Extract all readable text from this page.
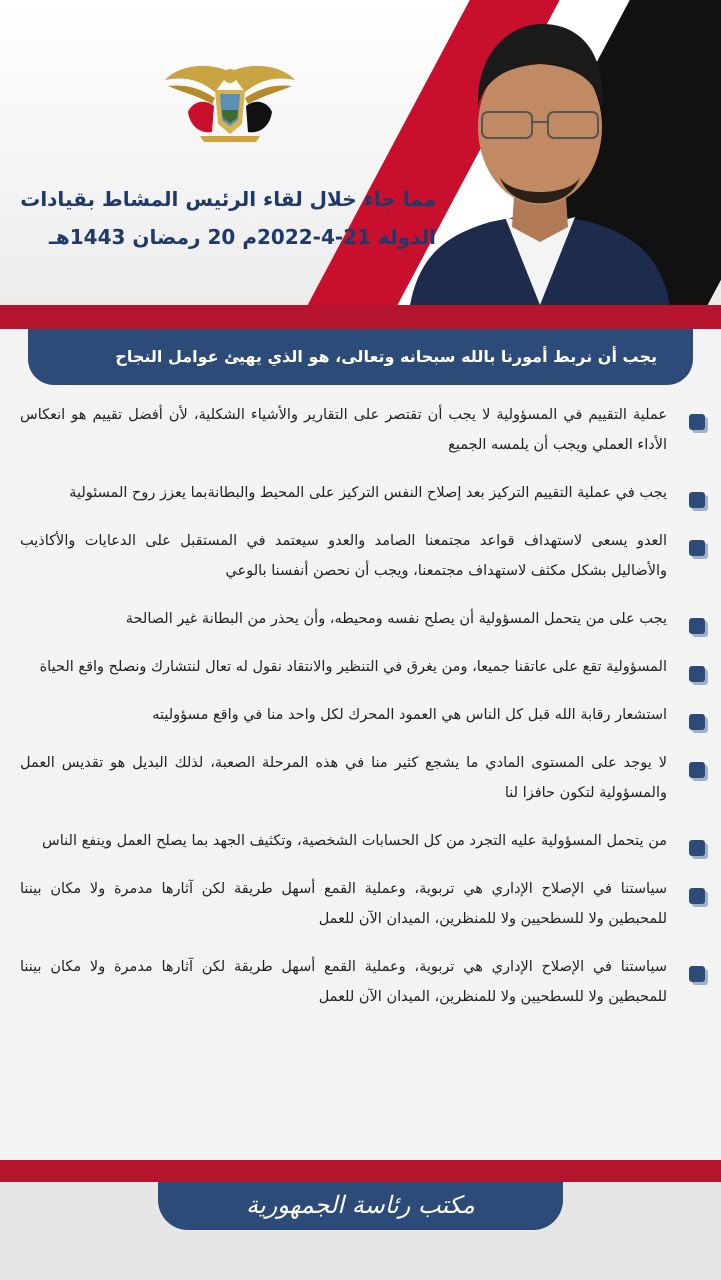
مما جاء خلال لقاء الرئيس المشاط بقيادات
الدولة 21-4-2022م 20 رمضان 1443هـ
يجب أن نربط أمورنا بالله سبحانه وتعالى، هو الذي يهيئ عوامل النجاح

عملية التقييم في المسؤولية لا يجب أن تقتصر على التقارير والأشياء الشكلية، لأن أفضل تقييم هو انعكاس الأداء العملي ويجب أن يلمسه الجميع

يجب في عملية التقييم التركيز بعد إصلاح النفس التركيز على المحيط والبطانةبما يعزز روح المسئولية

العدو يسعى لاستهداف قواعد مجتمعنا الصامد والعدو سيعتمد في المستقبل على الدعايات والأكاذيب والأضاليل بشكل مكثف لاستهداف مجتمعنا، ويجب أن نحصن أنفسنا بالوعي

يجب على من يتحمل المسؤولية أن يصلح نفسه ومحيطه، وأن يحذر من البطانة غير الصالحة

المسؤولية تقع على عاتقنا جميعا، ومن يغرق في التنظير والانتقاد نقول له تعال لنتشارك ونصلح واقع الحياة

استشعار رقابة الله قبل كل الناس هي العمود المحرك لكل واحد منا في واقع مسؤوليته

لا يوجد على المستوى المادي ما يشجع كثير منا في هذه المرحلة الصعبة، لذلك البديل هو تقديس العمل والمسؤولية لتكون حافزا لنا

من يتحمل المسؤولية عليه التجرد من كل الحسابات الشخصية، وتكثيف الجهد بما يصلح العمل وينفع الناس

سياستنا في الإصلاح الإداري هي تربوية، وعملية القمع أسهل طريقة لكن آثارها مدمرة ولا مكان بيننا للمحبطين ولا للسطحيين ولا للمنظرين، الميدان الآن للعمل

سياستنا في الإصلاح الإداري هي تربوية، وعملية القمع أسهل طريقة لكن آثارها مدمرة ولا مكان بيننا للمحبطين ولا للسطحيين ولا للمنظرين، الميدان الآن للعمل

مكتب رئاسة الجمهورية
